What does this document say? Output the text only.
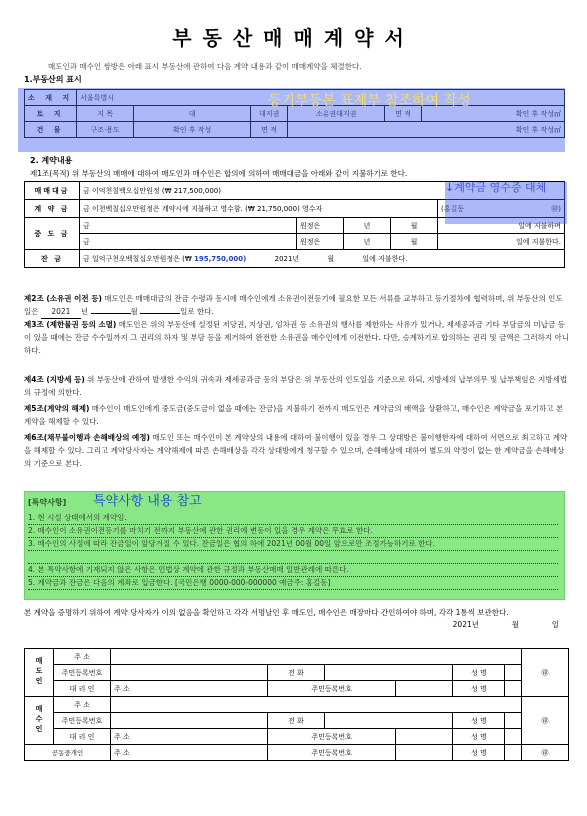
부동산매매계약서
매도인과 매수인 쌍방은 아래 표시 부동산에 관하여 다음 계약 내용과 같이 매매계약을 체결한다.
1.부동산의 표시
소 재 지	서울특별시					
토 지	지 목	대	대지권	소유권대지권	면 적	확인 후 작성㎡
건 물	구조·용도	확인 후 작성	면 적	확인 후 작성㎡		
등기부등본 표제부 참조하여 작성
2. 계약내용
제1조(목적) 위 부동산의 매매에 대하여 매도인과 매수인은 합의에 의하여 매매대금을 아래와 같이 지불하기로 한다.
매매대금	금 이억천칠백오십만원정 (₩ 217,500,000)				
계 약 금	금 이천백칠십오만원정은 계약시에 지불하고 영수함. (₩ 21,750,000) 영수자				(홍길동 ㊞)

중 도 금	금	원정은	년	월	일에 지불하며
	금	원정은	년	월	일에 지불한다.
잔 금	금 일억구천오백칠십오만원정은 (₩ 195,750,000) 2021년 월 일에 지불한다.				
↓계약금 영수증 대체
제2조 (소유권 이전 등) 매도인은 매매대금의 잔금 수령과 동시에 매수인에게 소유권이전등기에 필요한 모든 서류를 교부하고 등기절차에 협력하며, 위 부동산의 인도일은 2021 년	월	일로 한다.
제3조 (제한물권 등의 소멸) 매도인은 위의 부동산에 설정된 저당권, 지상권, 임차권 등 소유권의 행사를 제한하는 사유가 있거나, 제세공과금 기타 부담금의 미납금 등이 있을 때에는 잔금 수수일까지 그 권리의 하자 및 부담 등을 제거하여 완전한 소유권을 매수인에게 이전한다. 다만, 승계하기로 합의하는 권리 및 금액은 그러하지 아니하다.
제4조 (지방세 등) 위 부동산에 관하여 발생한 수익의 귀속과 제세공과금 등의 부담은 위 부동산의 인도일을 기준으로 하되, 지방세의 납부의무 및 납부책임은 지방세법의 규정에 의한다.
제5조(계약의 해제) 매수인이 매도인에게 중도금(중도금이 없을 때에는 잔금)을 지불하기 전까지 매도인은 계약금의 배액을 상환하고, 매수인은 계약금을 포기하고 본 계약을 해제할 수 있다.
제6조(채무불이행과 손해배상의 예정) 매도인 또는 매수인이 본 계약상의 내용에 대하여 불이행이 있을 경우 그 상대방은 불이행한자에 대하여 서면으로 최고하고 계약을 해제할 수 있다. 그리고 계약당사자는 계약해제에 따른 손해배상을 각각 상대방에게 청구할 수 있으며, 손해배상에 대하여 별도의 약정이 없는 한 계약금을 손해배상의 기준으로 본다.
[특약사항] 특약사항 내용 참고
1. 현 시설 상태에서의 계약임.
2. 매수인이 소유권이전등기를 마치기 전까지 부동산에 관한 권리에 변동이 있을 경우 계약은 무효로 한다.
3. 매수인의 사정에 따라 잔금일이 앞당겨질 수 있다. 잔금일은 협의 하에 2021년 00월 00일 앞으로만 조정가능하기로 한다.
4. 본 특약사항에 기재되지 않은 사항은 민법상 계약에 관한 규정과 부동산매매 일반관례에 따른다.
5. 계약금과 잔금은 다음의 계좌로 입금한다. [국민은행 0000-000-000000 예금주: 홍길동]
본 계약을 증명하기 위하여 계약 당사자가 이의 없음을 확인하고 각각 서명날인 후 매도인, 매수인은 매장마다 간인하여야 하며, 각각 1통씩 보관한다.
2021년	월	일
매도인	주 소							㊞
	주민등록번호		전 화			성 명		
	대 리 인	주 소	주민등록번호			성 명		
매수인	주 소							㊞
	주민등록번호		전 화			성 명		
	대 리 인	주 소	주민등록번호			성 명		
공동중개인		주 소	주민등록번호			성 명		㊞
